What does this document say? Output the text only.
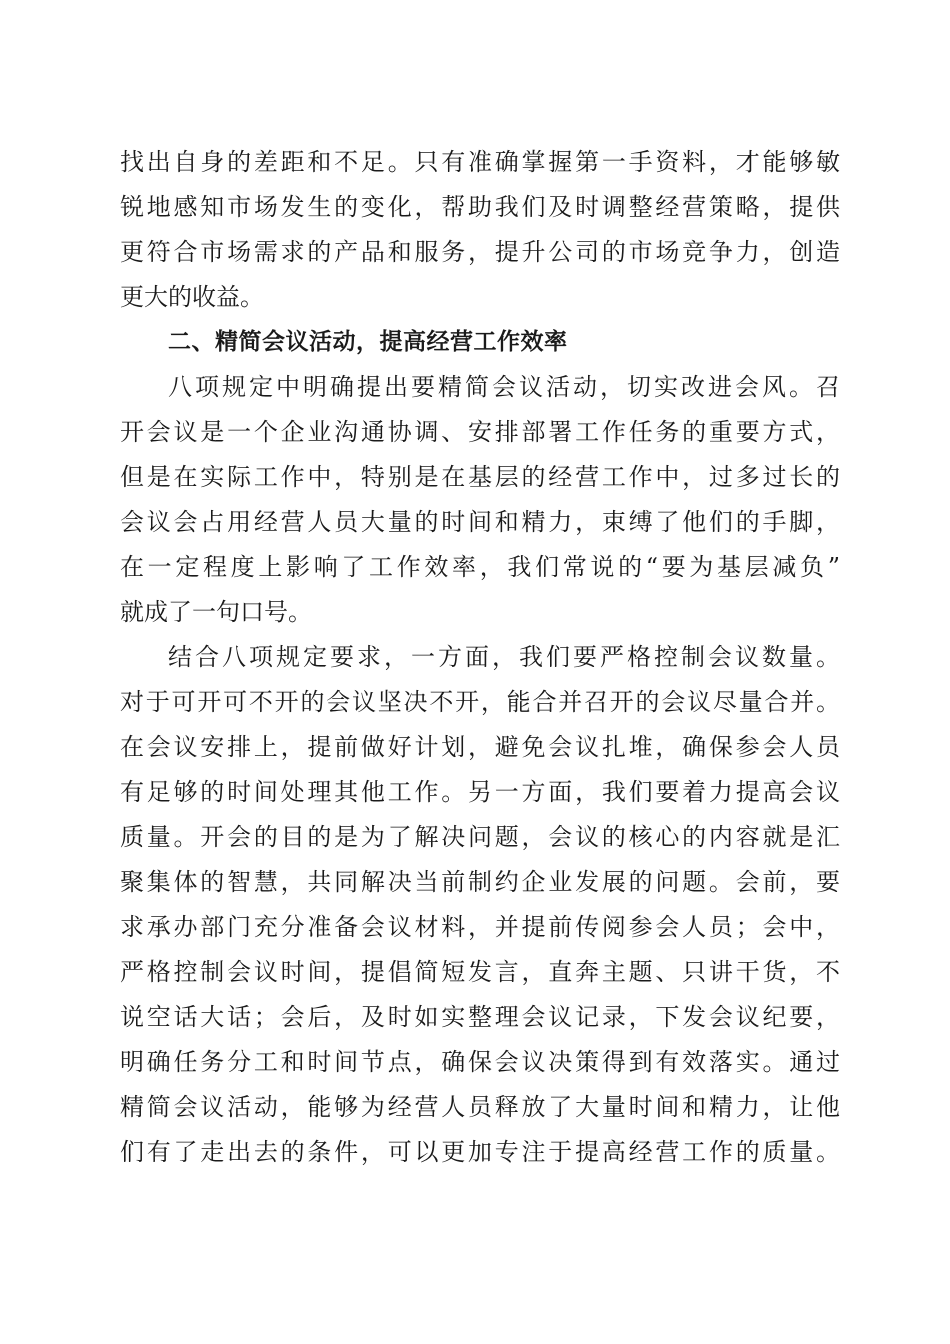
找出自身的差距和不足。只有准确掌握第一手资料，才能够敏
锐地感知市场发生的变化，帮助我们及时调整经营策略，提供
更符合市场需求的产品和服务，提升公司的市场竞争力，创造
更大的收益。
二、精简会议活动，提高经营工作效率
八项规定中明确提出要精简会议活动，切实改进会风。召
开会议是一个企业沟通协调、安排部署工作任务的重要方式，
但是在实际工作中，特别是在基层的经营工作中，过多过长的
会议会占用经营人员大量的时间和精力，束缚了他们的手脚，
在一定程度上影响了工作效率，我们常说的“要为基层减负”
就成了一句口号。
结合八项规定要求，一方面，我们要严格控制会议数量。
对于可开可不开的会议坚决不开，能合并召开的会议尽量合并。
在会议安排上，提前做好计划，避免会议扎堆，确保参会人员
有足够的时间处理其他工作。另一方面，我们要着力提高会议
质量。开会的目的是为了解决问题，会议的核心的内容就是汇
聚集体的智慧，共同解决当前制约企业发展的问题。会前，要
求承办部门充分准备会议材料，并提前传阅参会人员；会中，
严格控制会议时间，提倡简短发言，直奔主题、只讲干货，不
说空话大话；会后，及时如实整理会议记录，下发会议纪要，
明确任务分工和时间节点，确保会议决策得到有效落实。通过
精简会议活动，能够为经营人员释放了大量时间和精力，让他
们有了走出去的条件，可以更加专注于提高经营工作的质量。
